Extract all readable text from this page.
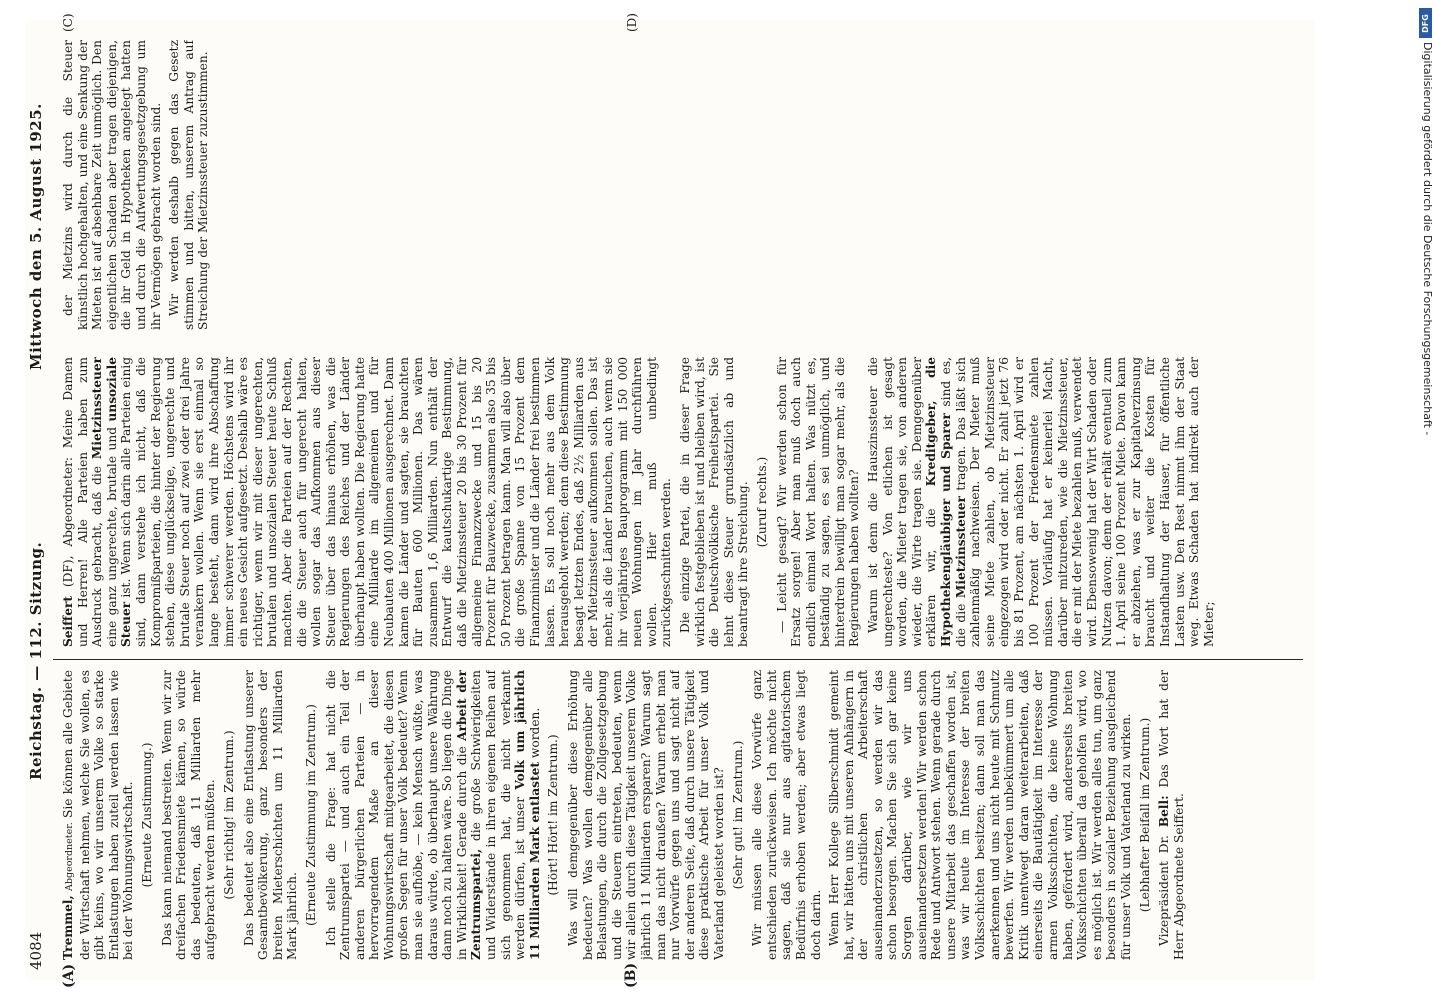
4084
Reichstag. — 112. Sitzung.
Mittwoch den 5. August 1925.
(A)	(B)
(C)	(D)

Tremmel, Abgeordneter. Sie können alle Gebiete der Wirtschaft nehmen, welche Sie wollen, es gibt keins, wo wir unserem Volke so starke Entlastungen haben zuteil werden lassen wie bei der Wohnungswirtschaft. (Erneute Zustimmung.) Das kann niemand bestreiten. Wenn wir zur dreifachen Friedensmiete kämen, so würde das bedeuten, daß 11 Milliarden mehr aufgebracht werden müßten. (Sehr richtig! im Zentrum.) Das bedeutet also eine Entlastung unserer Gesamtbevölkerung, ganz besonders der breiten Mieterschichten um 11 Milliarden Mark jährlich. (Erneute Zustimmung im Zentrum.) Ich stelle die Frage: hat nicht die Zentrumspartei — und auch ein Teil der anderen bürgerlichen Parteien — in hervorragendem Maße an dieser Wohnungswirtschaft mitgearbeitet, die diesen großen Segen für unser Volk bedeutet? Wenn man sie aufhöbe, — kein Mensch wüßte, was daraus würde, ob überhaupt unsere Währung dann noch zu halten wäre. So liegen die Dinge in Wirklichkeit! Gerade durch die Arbeit der Zentrumspartei, die große Schwierigkeiten und Widerstände in ihren eigenen Reihen auf sich genommen hat, die nicht verkannt werden dürfen, ist unser Volk um jährlich 11 Milliarden Mark entlastet worden.

(Hört! Hört! im Zentrum.) Was will demgegenüber diese Erhöhung bedeuten? Was wollen demgegenüber alle Belastungen, die durch die Zollgesetzgebung und die Steuern eintreten, bedeuten, wenn wir allein durch diese Tätigkeit unserem Volke jährlich 11 Milliarden ersparen? Warum sagt man das nicht draußen? Warum erhebt man nur Vorwürfe gegen uns und sagt nicht auf der anderen Seite, daß durch unsere Tätigkeit diese praktische Arbeit für unser Volk und Vaterland geleistet worden ist? (Sehr gut! im Zentrum.) Wir müssen alle diese Vorwürfe ganz entschieden zurückweisen. Ich möchte nicht sagen, daß sie nur aus agitatorischem Bedürfnis erhoben werden; aber etwas liegt doch darin. Wenn Herr Kollege Silberschmidt gemeint hat, wir hätten uns mit unseren Anhängern in der christlichen Arbeiterschaft auseinanderzusetzen, so werden wir das schon besorgen. Machen Sie sich gar keine Sorgen darüber, wie wir uns auseinandersetzen werden! Wir werden schon Rede und Antwort stehen. Wenn gerade durch unsere Mitarbeit das geschaffen worden ist, was wir heute im Interesse der breiten Volksschichten besitzen; dann soll man das anerkennen und uns nicht heute mit Schmutz bewerfen. Wir werden unbekümmert um alle Kritik unentwegt daran weiterarbeiten, daß einerseits die Bautätigkeit im Interesse der armen Volksschichten, die keine Wohnung haben, gefördert wird, andererseits breiten Volksschichten überall da geholfen wird, wo es möglich ist. Wir werden alles tun, um ganz besonders in sozialer Beziehung ausgleichend für unser Volk und Vaterland zu wirken. (Lebhafter Beifall im Zentrum.) Vizepräsident Dr. Bell: Das Wort hat der Herr Abgeordnete Seiffert.

Seiffert (DF), Abgeordneter: Meine Damen und Herren! Alle Parteien haben zum Ausdruck gebracht, daß die Mietzinssteuer eine ganz ungerechte, brutale und unsoziale Steuer ist. Wenn sich darin alle Parteien einig sind, dann verstehe ich nicht, daß die Kompromißparteien, die hinter der Regierung stehen, diese unglückselige, ungerechte und brutale Steuer noch auf zwei oder drei Jahre verankern wollen. Wenn sie erst einmal so lange besteht, dann wird ihre Abschaffung immer schwerer werden. Höchstens wird ihr ein neues Gesicht aufgesetzt. Deshalb wäre es richtiger, wenn wir mit dieser ungerechten, brutalen und unsozialen Steuer heute Schluß machten. Aber die Parteien auf der Rechten, die die Steuer auch für ungerecht halten, wollen sogar das Aufkommen aus dieser Steuer über das hinaus erhöhen, was die Regierungen des Reiches und der Länder überhaupt haben wollten. Die Regierung hatte eine Milliarde im allgemeinen und für Neubauten 400 Millionen ausgerechnet. Dann kamen die Länder und sagten, sie brauchten für Bauten 600 Millionen. Das wären zusammen 1,6 Milliarden. Nun enthält der Entwurf die kautschukartige Bestimmung, daß die Mietzinssteuer 20 bis 30 Prozent für allgemeine Finanzzwecke und 15 bis 20 Prozent für Bauzwecke, zusammen also 35 bis 50 Prozent betragen kann. Man will also über die große Spanne von 15 Prozent dem Finanzminister und die Länder frei bestimmen lassen. Es soll noch mehr aus dem Volk herausgeholt werden; denn diese Bestimmung besagt letzten Endes, daß 2½ Milliarden aus der Mietzinssteuer aufkommen sollen. Das ist mehr, als die Länder brauchen, auch wenn sie ihr vierjähriges Bauprogramm mit 150 000 neuen Wohnungen im Jahr durchführen wollen. Hier muß unbedingt zurückgeschnitten werden. Die einzige Partei, die in dieser Frage wirklich festgeblieben ist und bleiben wird, ist die Deutschvölkische Freiheitspartei. Sie lehnt diese Steuer grundsätzlich ab und beantragt ihre Streichung. (Zuruf rechts.) — Leicht gesagt? Wir werden schon für Ersatz sorgen! Aber man muß doch auch endlich einmal Wort halten. Was nützt es, beständig zu sagen, es sei unmöglich, und hinterdrein bewilligt man sogar mehr, als die Regierungen haben wollten? Warum ist denn die Hauszinssteuer die ungerechteste? Von etlichen ist gesagt worden, die Mieter tragen sie, von anderen wieder, die Wirte tragen sie. Demgegenüber erklären wir, die Kreditgeber, die Hypothekengläubiger und Sparer sind es, die die Mietzinssteuer tragen. Das läßt sich zahlenmäßig nachweisen. Der Mieter muß seine Miete zahlen, ob Mietzinssteuer eingezogen wird oder nicht. Er zahlt jetzt 76 bis 81 Prozent, am nächsten 1. April wird er 100 Prozent der Friedensmiete zahlen müssen. Vorläufig hat er keinerlei Macht, darüber mitzureden, wie die Mietzinssteuer, die er mit der Miete bezahlen muß, verwendet wird. Ebensowenig hat der Wirt Schaden oder Nutzen davon; denn der erhält eventuell zum 1. April seine 100 Prozent Miete. Davon kann er abziehen, was er zur Kapitalverzinsung braucht und weiter die Kosten für Instandhaltung der Häuser, für öffentliche Lasten usw. Den Rest nimmt ihm der Staat weg. Etwas Schaden hat indirekt auch der Mieter;

der Mietzins wird durch die Steuer künstlich hochgehalten, und eine Senkung der Mieten ist auf absehbare Zeit unmöglich. Den eigentlichen Schaden aber tragen diejenigen, die ihr Geld in Hypotheken angelegt hatten und durch die Aufwertungsgesetzgebung um ihr Vermögen gebracht worden sind. Wir werden deshalb gegen das Gesetz stimmen und bitten, unserem Antrag auf Streichung der Mietzinssteuer zuzustimmen.

DFG
Digitalisierung gefördert durch die Deutsche Forschungsgemeinschaft -
